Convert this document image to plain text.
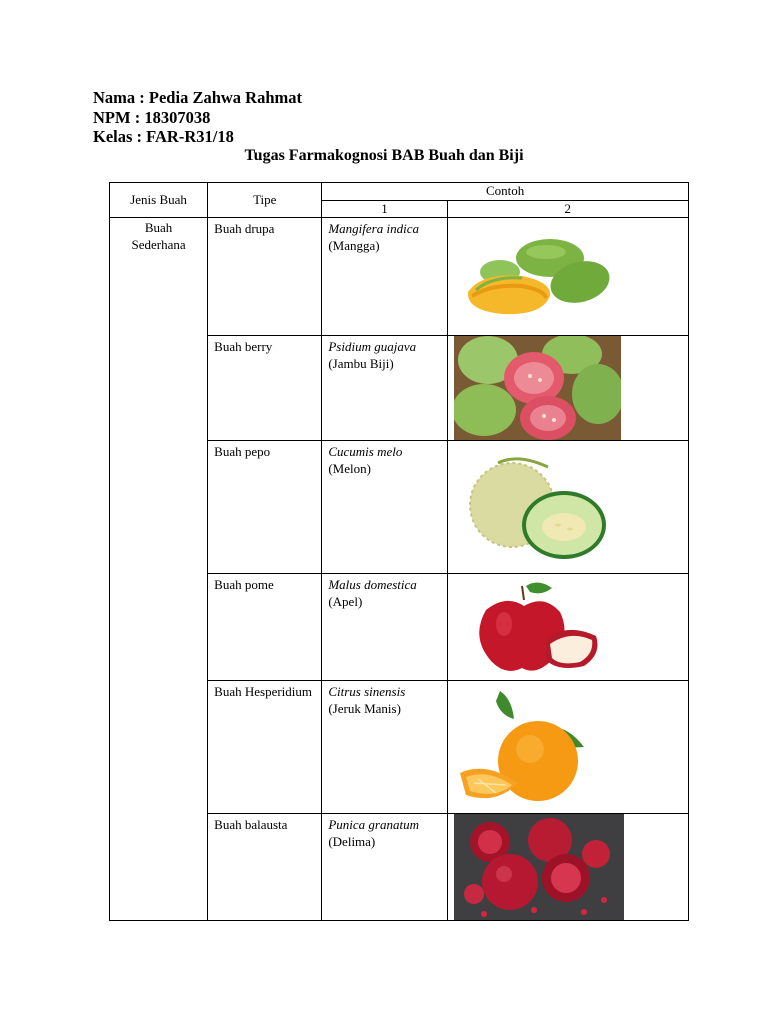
Nama : Pedia Zahwa Rahmat
NPM : 18307038
Kelas : FAR-R31/18
Tugas Farmakognosi BAB Buah dan Biji
Jenis Buah	Tipe	Contoh	
		1	2

Buah Sederhana	Buah drupa	Mangifera indica
(Mangga)

	Buah berry	Psidium guajava
(Jambu Biji)

	Buah pepo	Cucumis melo
(Melon)

	Buah pome	Malus domestica
(Apel)

	Buah Hesperidium	Citrus sinensis
(Jeruk Manis)

	Buah balausta	Punica granatum
(Delima)
